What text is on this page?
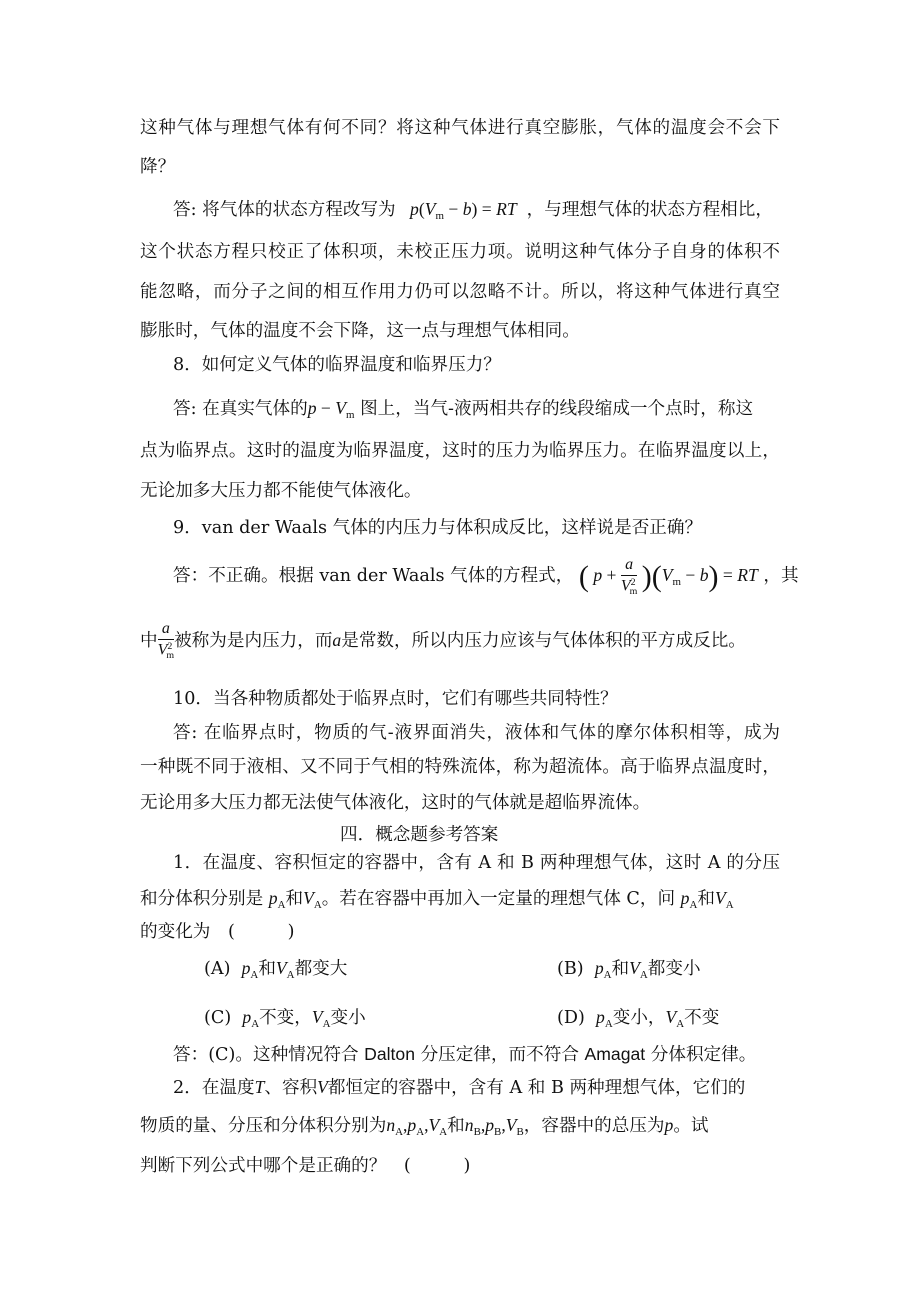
这种气体与理想气体有何不同？将这种气体进行真空膨胀，气体的温度会不会下
降？
答: 将气体的状态方程改写为 $p(V_m - b)$ = RT ，与理想气体的状态方程相比，
这个状态方程只校正了体积项，未校正压力项。说明这种气体分子自身的体积不
能忽略，而分子之间的相互作用力仍可以忽略不计。所以，将这种气体进行真空
膨胀时，气体的温度不会下降，这一点与理想气体相同。
8．如何定义气体的临界温度和临界压力？
答: 在真实气体的$p - V_m$ 图上，当气-液两相共存的线段缩成一个点时，称这
点为临界点。这时的温度为临界温度，这时的压力为临界压力。在临界温度以上，
无论加多大压力都不能使气体液化。
9．van der Waals 气体的内压力与体积成反比，这样说是否正确？
答：不正确。根据 van der Waals 气体的方程式， ( $p + \frac{a}{V^2_m} )(V_m - b)$ = RT ，其
中 $\frac{a}{V^2_m}$ 被称为是内压力，而a是常数，所以内压力应该与气体体积的平方成反比。
10．当各种物质都处于临界点时，它们有哪些共同特性？
答: 在临界点时，物质的气-液界面消失，液体和气体的摩尔体积相等，成为
一种既不同于液相、又不同于气相的特殊流体，称为超流体。高于临界点温度时，
无论用多大压力都无法使气体液化，这时的气体就是超临界流体。
四．概念题参考答案
1．在温度、容积恒定的容器中，含有 A 和 B 两种理想气体，这时 A 的分压
和分体积分别是 $p_A$和$V_A$。若在容器中再加入一定量的理想气体 C，问 $p_A$和$V_A$
的变化为　(　　　)
(A) $p_A$和$V_A$都变大	(B) $p_A$和$V_A$都变小
(C) $p_A$不变，$V_A$变小	(D) $p_A$变小，$V_A$不变
答：(C)。这种情况符合 Dalton 分压定律，而不符合 Amagat 分体积定律。
2．在温度T、容积V都恒定的容器中，含有 A 和 B 两种理想气体，它们的
物质的量、分压和分体积分别为$n_A,p_A,V_A$和$n_B,p_B,V_B$，容器中的总压为p。试
判断下列公式中哪个是正确的？　(　　　)
